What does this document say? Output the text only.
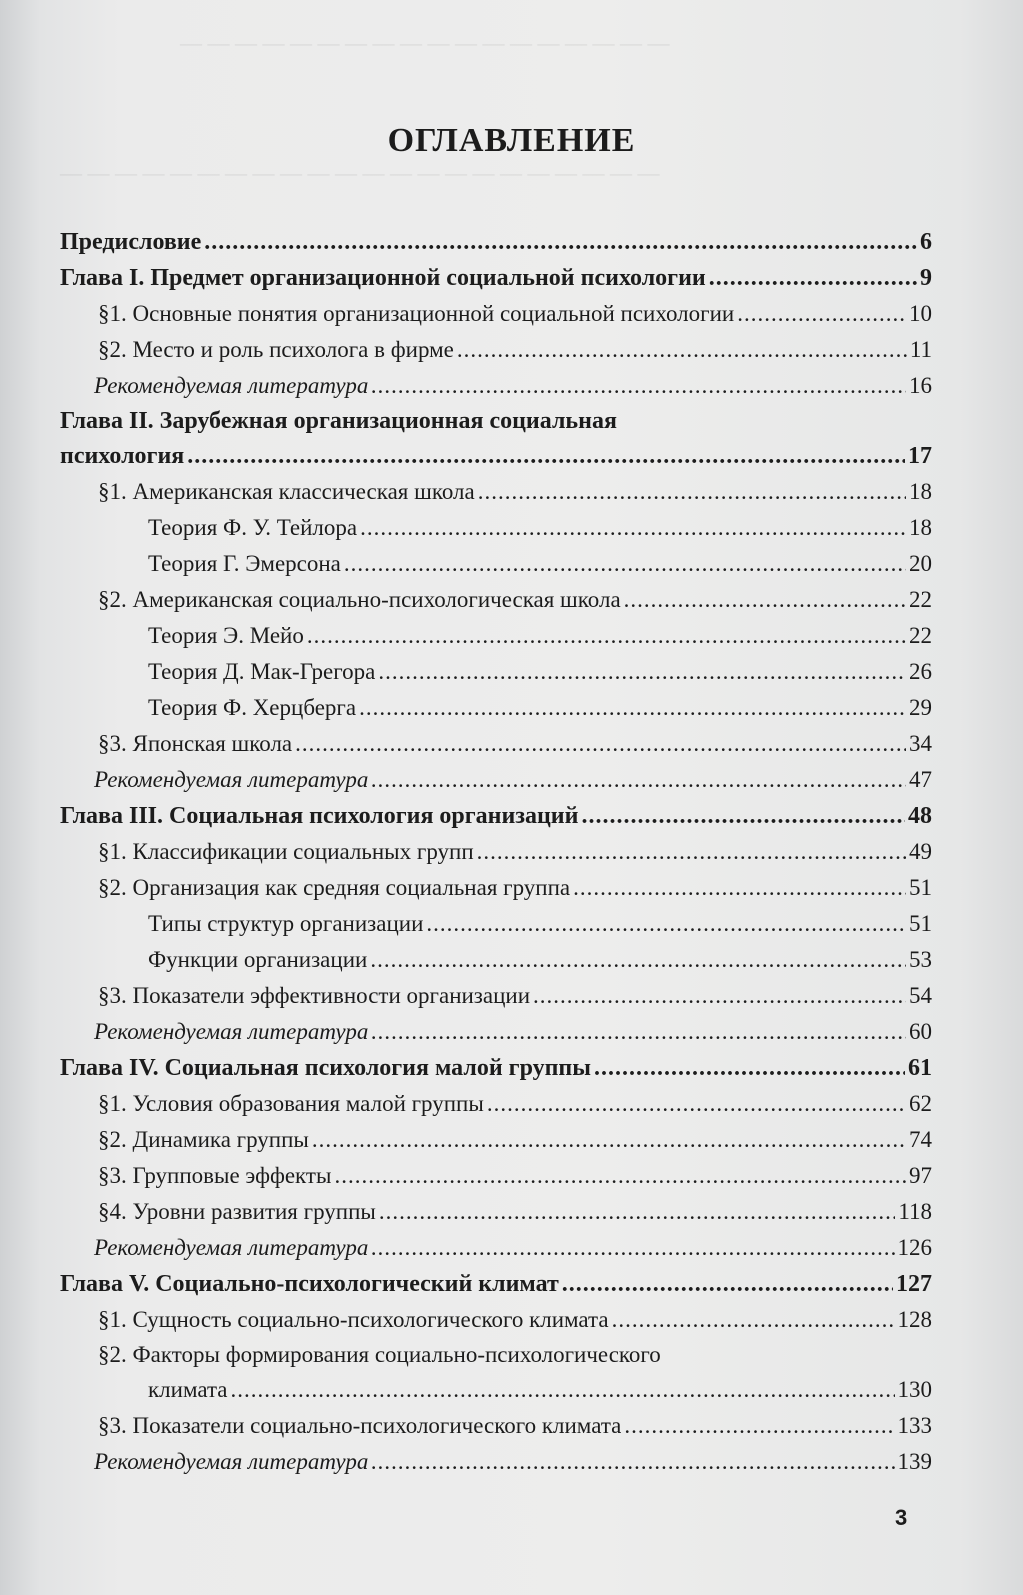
— — — — — — — — — — — — — — — — — —
— — — — — — — — — — — — — — — — — — — — — —
ОГЛАВЛЕНИЕ
Предисловие .....	6
Глава I. Предмет организационной социальной психологии .....	9
§1. Основные понятия организационной социальной психологии .....	10
§2. Место и роль психолога в фирме .....	11
Рекомендуемая литература .....	16
Глава II. Зарубежная организационная социальная
психология .....	17
§1. Американская классическая школа .....	18
Теория Ф. У. Тейлора .....	18
Теория Г. Эмерсона .....	20
§2. Американская социально-психологическая школа .....	22
Теория Э. Мейо .....	22
Теория Д. Мак-Грегора .....	26
Теория Ф. Херцберга .....	29
§3. Японская школа .....	34
Рекомендуемая литература .....	47
Глава III. Социальная психология организаций .....	48
§1. Классификации социальных групп .....	49
§2. Организация как средняя социальная группа .....	51
Типы структур организации .....	51
Функции организации .....	53
§3. Показатели эффективности организации .....	54
Рекомендуемая литература .....	60
Глава IV. Социальная психология малой группы .....	61
§1. Условия образования малой группы .....	62
§2. Динамика группы .....	74
§3. Групповые эффекты .....	97
§4. Уровни развития группы .....	118
Рекомендуемая литература .....	126
Глава V. Социально-психологический климат .....	127
§1. Сущность социально-психологического климата .....	128
§2. Факторы формирования социально-психологического
климата .....	130
§3. Показатели социально-психологического климата .....	133
Рекомендуемая литература .....	139
3
